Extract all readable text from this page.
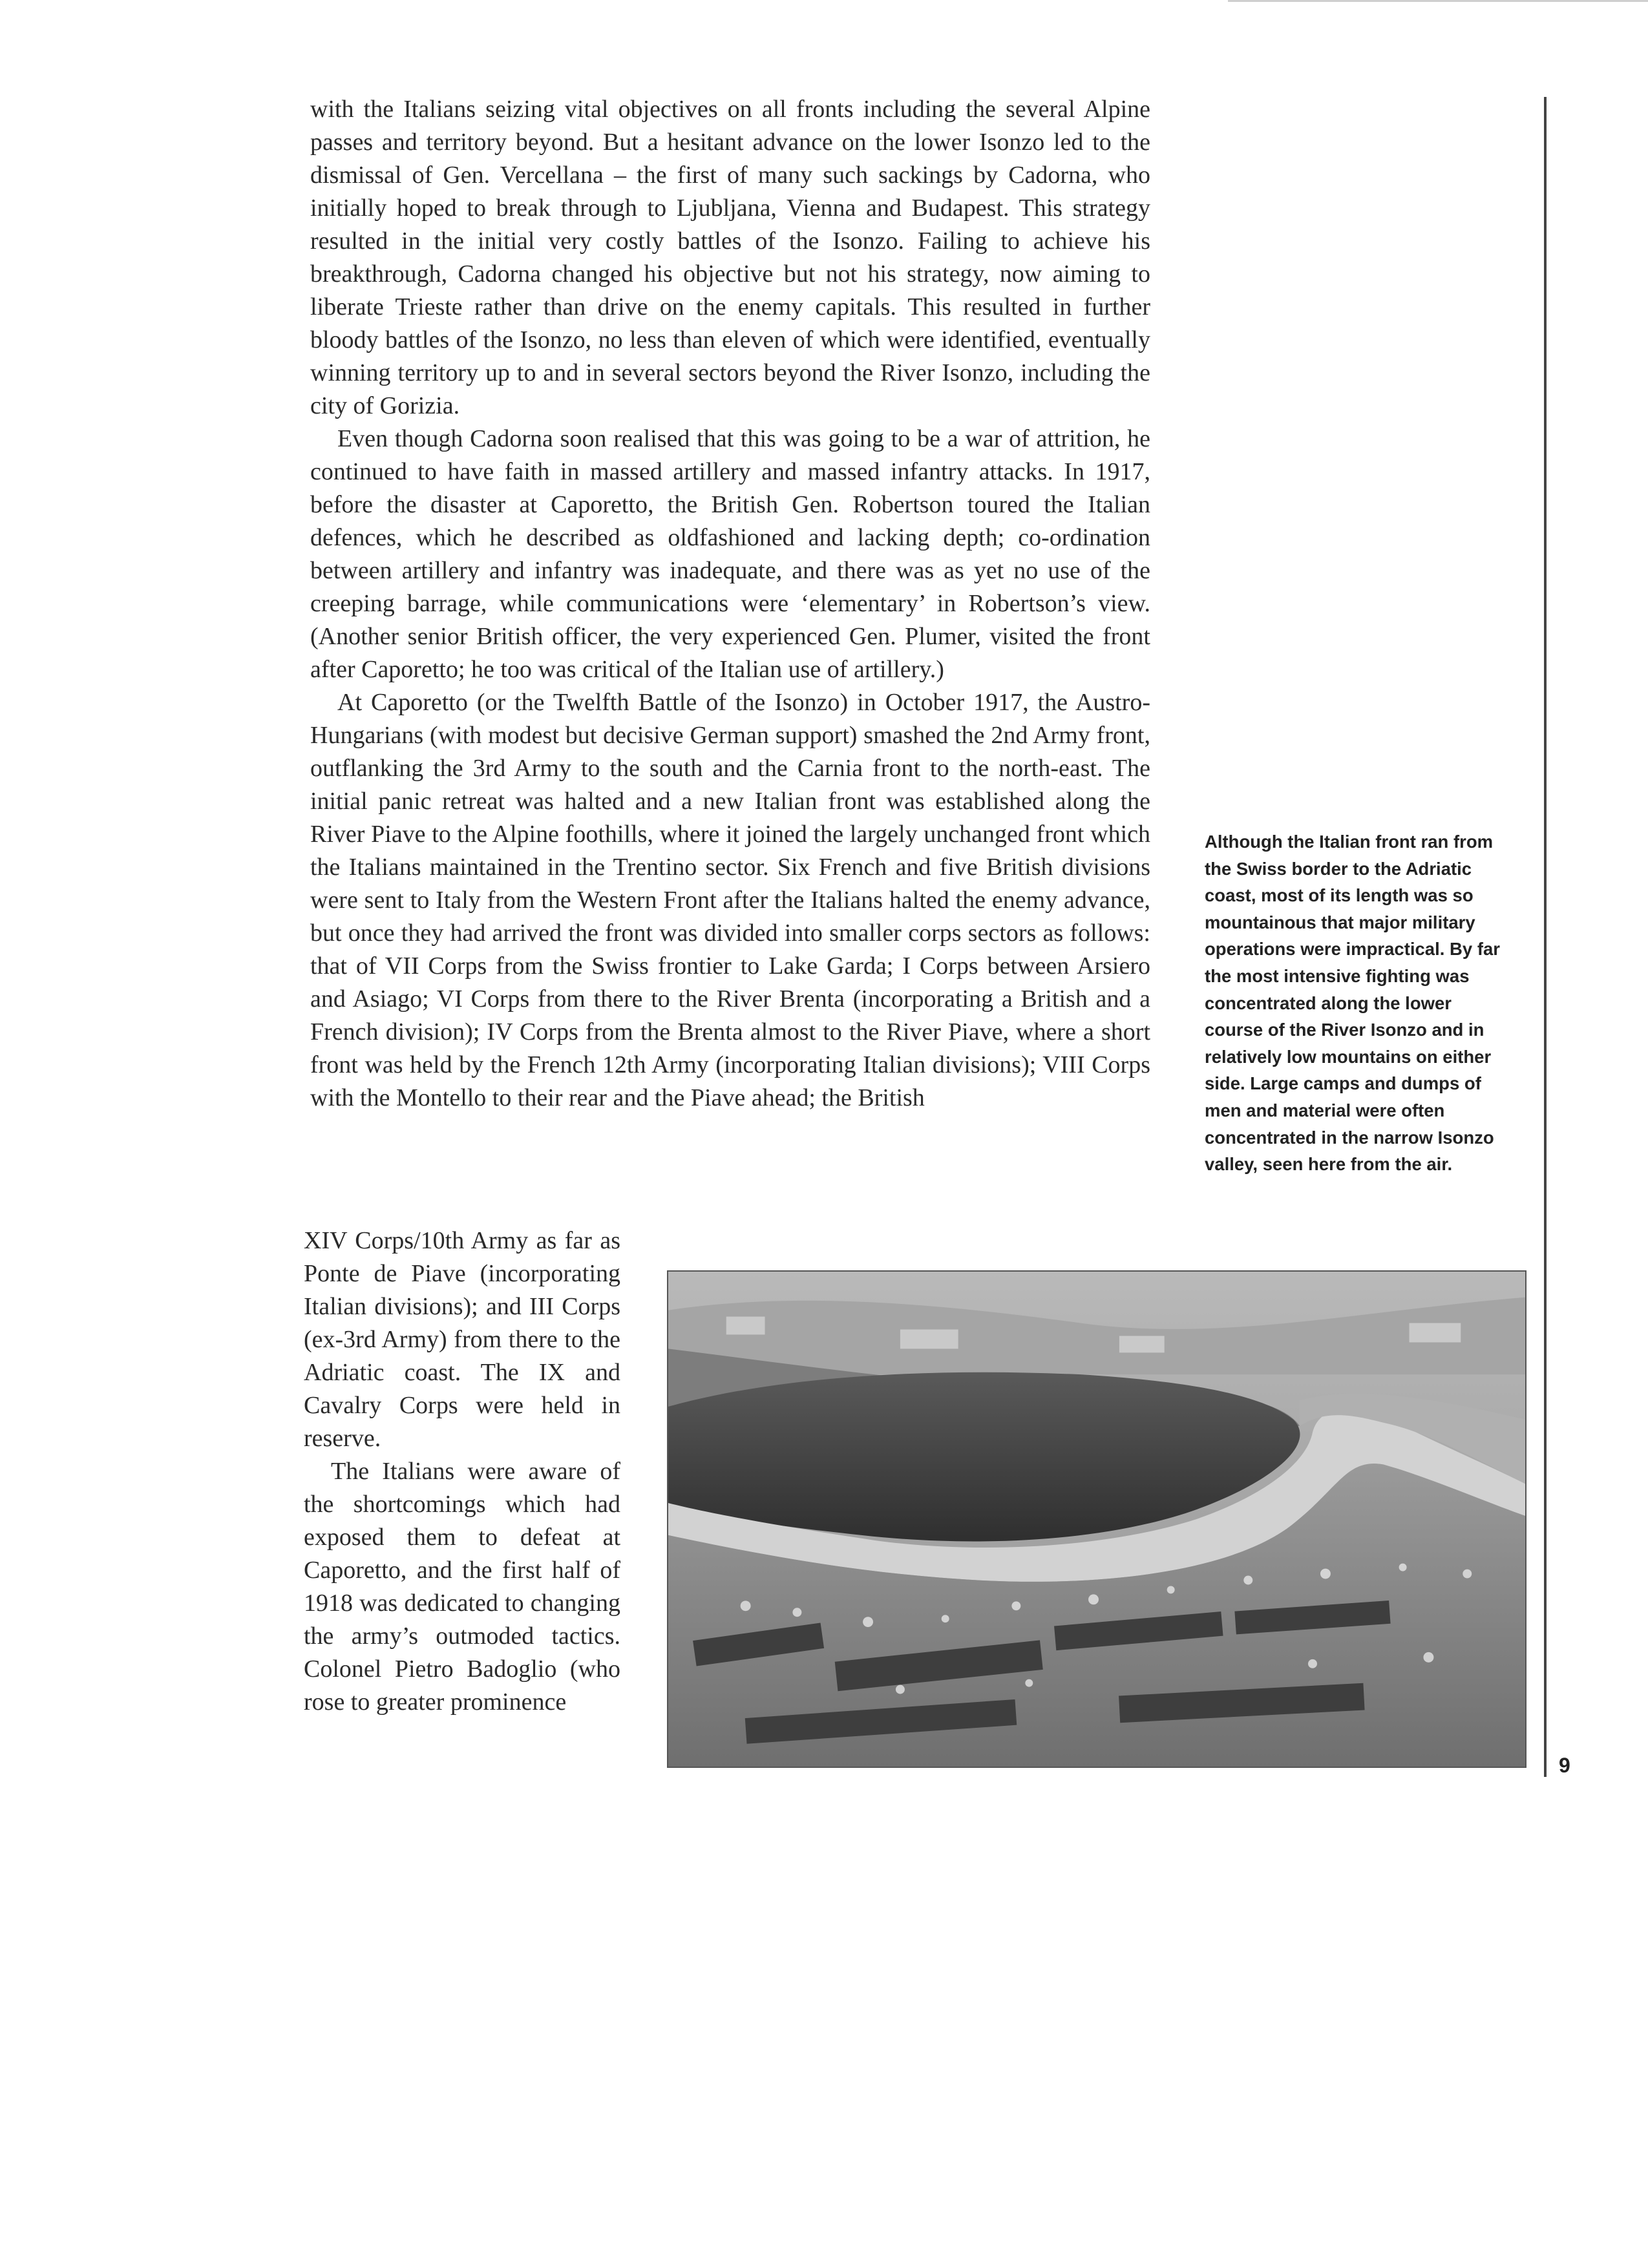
with the Italians seizing vital objectives on all fronts including the several Alpine passes and territory beyond. But a hesitant advance on the lower Isonzo led to the dismissal of Gen. Vercellana – the first of many such sackings by Cadorna, who initially hoped to break through to Ljubljana, Vienna and Budapest. This strategy resulted in the initial very costly battles of the Isonzo. Failing to achieve his breakthrough, Cadorna changed his objective but not his strategy, now aiming to liberate Trieste rather than drive on the enemy capitals. This resulted in further bloody battles of the Isonzo, no less than eleven of which were identified, eventually winning territory up to and in several sectors beyond the River Isonzo, including the city of Gorizia.

Even though Cadorna soon realised that this was going to be a war of attrition, he continued to have faith in massed artillery and massed infantry attacks. In 1917, before the disaster at Caporetto, the British Gen. Robertson toured the Italian defences, which he described as oldfashioned and lacking depth; co-ordination between artillery and infantry was inadequate, and there was as yet no use of the creeping barrage, while communications were ‘elementary’ in Robertson’s view. (Another senior British officer, the very experienced Gen. Plumer, visited the front after Caporetto; he too was critical of the Italian use of artillery.)

At Caporetto (or the Twelfth Battle of the Isonzo) in October 1917, the Austro-Hungarians (with modest but decisive German support) smashed the 2nd Army front, outflanking the 3rd Army to the south and the Carnia front to the north-east. The initial panic retreat was halted and a new Italian front was established along the River Piave to the Alpine foothills, where it joined the largely unchanged front which the Italians maintained in the Trentino sector. Six French and five British divisions were sent to Italy from the Western Front after the Italians halted the enemy advance, but once they had arrived the front was divided into smaller corps sectors as follows: that of VII Corps from the Swiss frontier to Lake Garda; I Corps between Arsiero and Asiago; VI Corps from there to the River Brenta (incorporating a British and a French division); IV Corps from the Brenta almost to the River Piave, where a short front was held by the French 12th Army (incorporating Italian divisions); VIII Corps with the Montello to their rear and the Piave ahead; the British

XIV Corps/10th Army as far as Ponte de Piave (incorporating Italian divisions); and III Corps (ex-3rd Army) from there to the Adriatic coast. The IX and Cavalry Corps were held in reserve.

The Italians were aware of the shortcomings which had exposed them to defeat at Caporetto, and the first half of 1918 was dedicated to changing the army’s outmoded tactics. Colonel Pietro Badoglio (who rose to greater prominence

Although the Italian front ran from the Swiss border to the Adriatic coast, most of its length was so mountainous that major military operations were impractical. By far the most intensive fighting was concentrated along the lower course of the River Isonzo and in relatively low mountains on either side. Large camps and dumps of men and material were often concentrated in the narrow Isonzo valley, seen here from the air.
9
